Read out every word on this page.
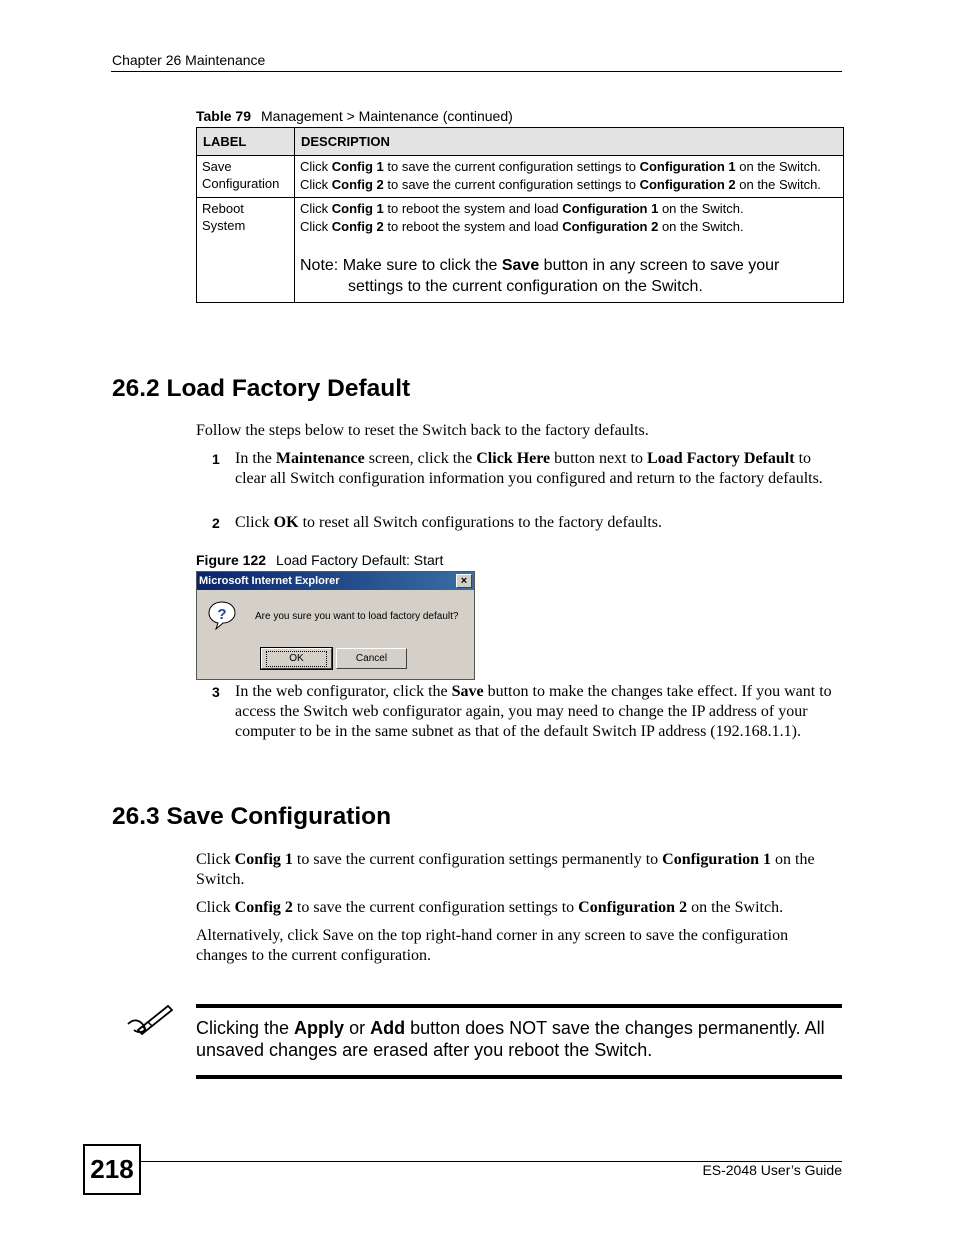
Chapter 26 Maintenance
Table 79 Management > Maintenance (continued)
LABEL	DESCRIPTION
Save Configuration	Click Config 1 to save the current configuration settings to Configuration 1 on the Switch.

Click Config 2 to save the current configuration settings to Configuration 2 on the Switch.

Reboot System	Click Config 1 to reboot the system and load Configuration 1 on the Switch.

Click Config 2 to reboot the system and load Configuration 2 on the Switch.

Note: Make sure to click the Save button in any screen to save your settings to the current configuration on the Switch.

26.2 Load Factory Default
Follow the steps below to reset the Switch back to the factory defaults.
1 In the Maintenance screen, click the Click Here button next to Load Factory Default to clear all Switch configuration information you configured and return to the factory defaults.
2 Click OK to reset all Switch configurations to the factory defaults.
Figure 122 Load Factory Default: Start
Microsoft Internet Explorer	×
?	Are you sure you want to load factory default?
OK	Cancel
3 In the web configurator, click the Save button to make the changes take effect. If you want to access the Switch web configurator again, you may need to change the IP address of your computer to be in the same subnet as that of the default Switch IP address (192.168.1.1).
26.3 Save Configuration
Click Config 1 to save the current configuration settings permanently to Configuration 1 on the Switch.
Click Config 2 to save the current configuration settings to Configuration 2 on the Switch.
Alternatively, click Save on the top right-hand corner in any screen to save the configuration changes to the current configuration.
Clicking the Apply or Add button does NOT save the changes permanently. All unsaved changes are erased after you reboot the Switch.
218	ES-2048 User’s Guide
